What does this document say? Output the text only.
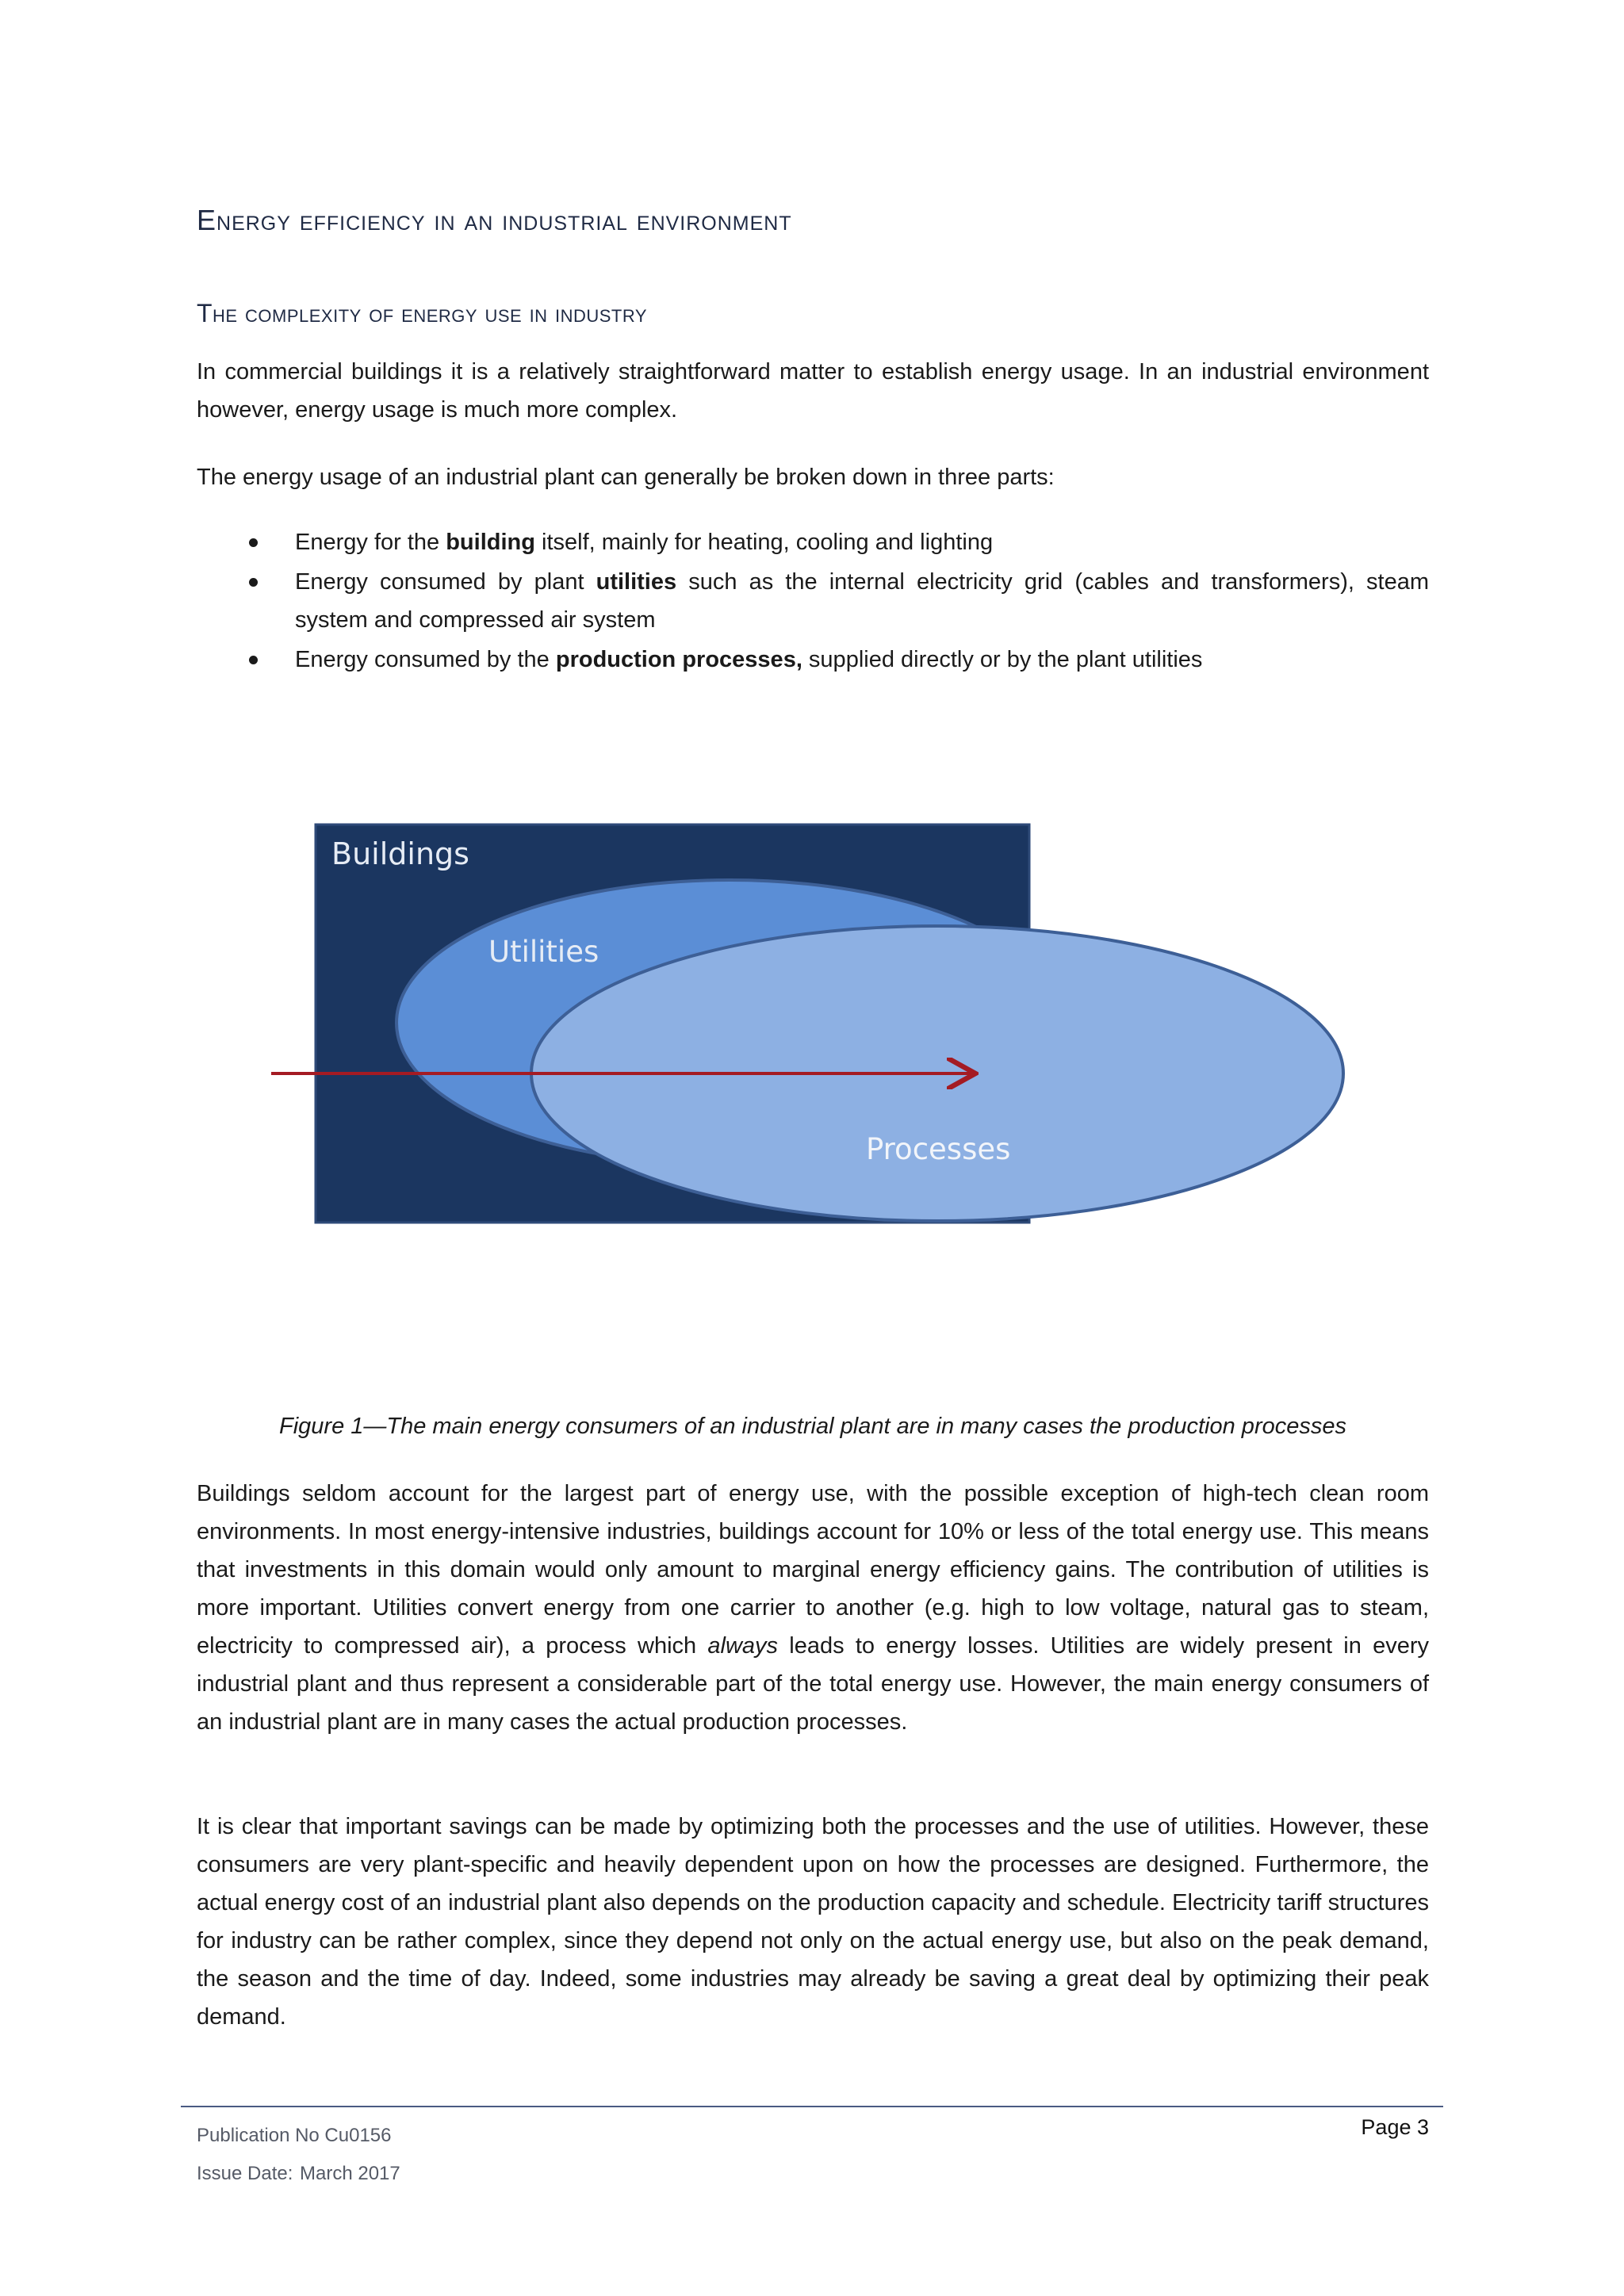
Energy efficiency in an industrial environment
The complexity of energy use in industry

In commercial buildings it is a relatively straightforward matter to establish energy usage. In an industrial environment however, energy usage is much more complex.

The energy usage of an industrial plant can generally be broken down in three parts:

Energy for the building itself, mainly for heating, cooling and lighting
Energy consumed by plant utilities such as the internal electricity grid (cables and transformers), steam system and compressed air system
Energy consumed by the production processes, supplied directly or by the plant utilities
Buildings
Utilities
Processes
Figure 1—The main energy consumers of an industrial plant are in many cases the production processes

Buildings seldom account for the largest part of energy use, with the possible exception of high-tech clean room environments. In most energy-intensive industries, buildings account for 10% or less of the total energy use. This means that investments in this domain would only amount to marginal energy efficiency gains. The contribution of utilities is more important. Utilities convert energy from one carrier to another (e.g. high to low voltage, natural gas to steam, electricity to compressed air), a process which always leads to energy losses. Utilities are widely present in every industrial plant and thus represent a considerable part of the total energy use. However, the main energy consumers of an industrial plant are in many cases the actual production processes.

It is clear that important savings can be made by optimizing both the processes and the use of utilities. However, these consumers are very plant-specific and heavily dependent upon on how the processes are designed. Furthermore, the actual energy cost of an industrial plant also depends on the production capacity and schedule. Electricity tariff structures for industry can be rather complex, since they depend not only on the actual energy use, but also on the peak demand, the season and the time of day. Indeed, some industries may already be saving a great deal by optimizing their peak demand.

Publication No Cu0156
Issue Date: March 2017
Page 3
